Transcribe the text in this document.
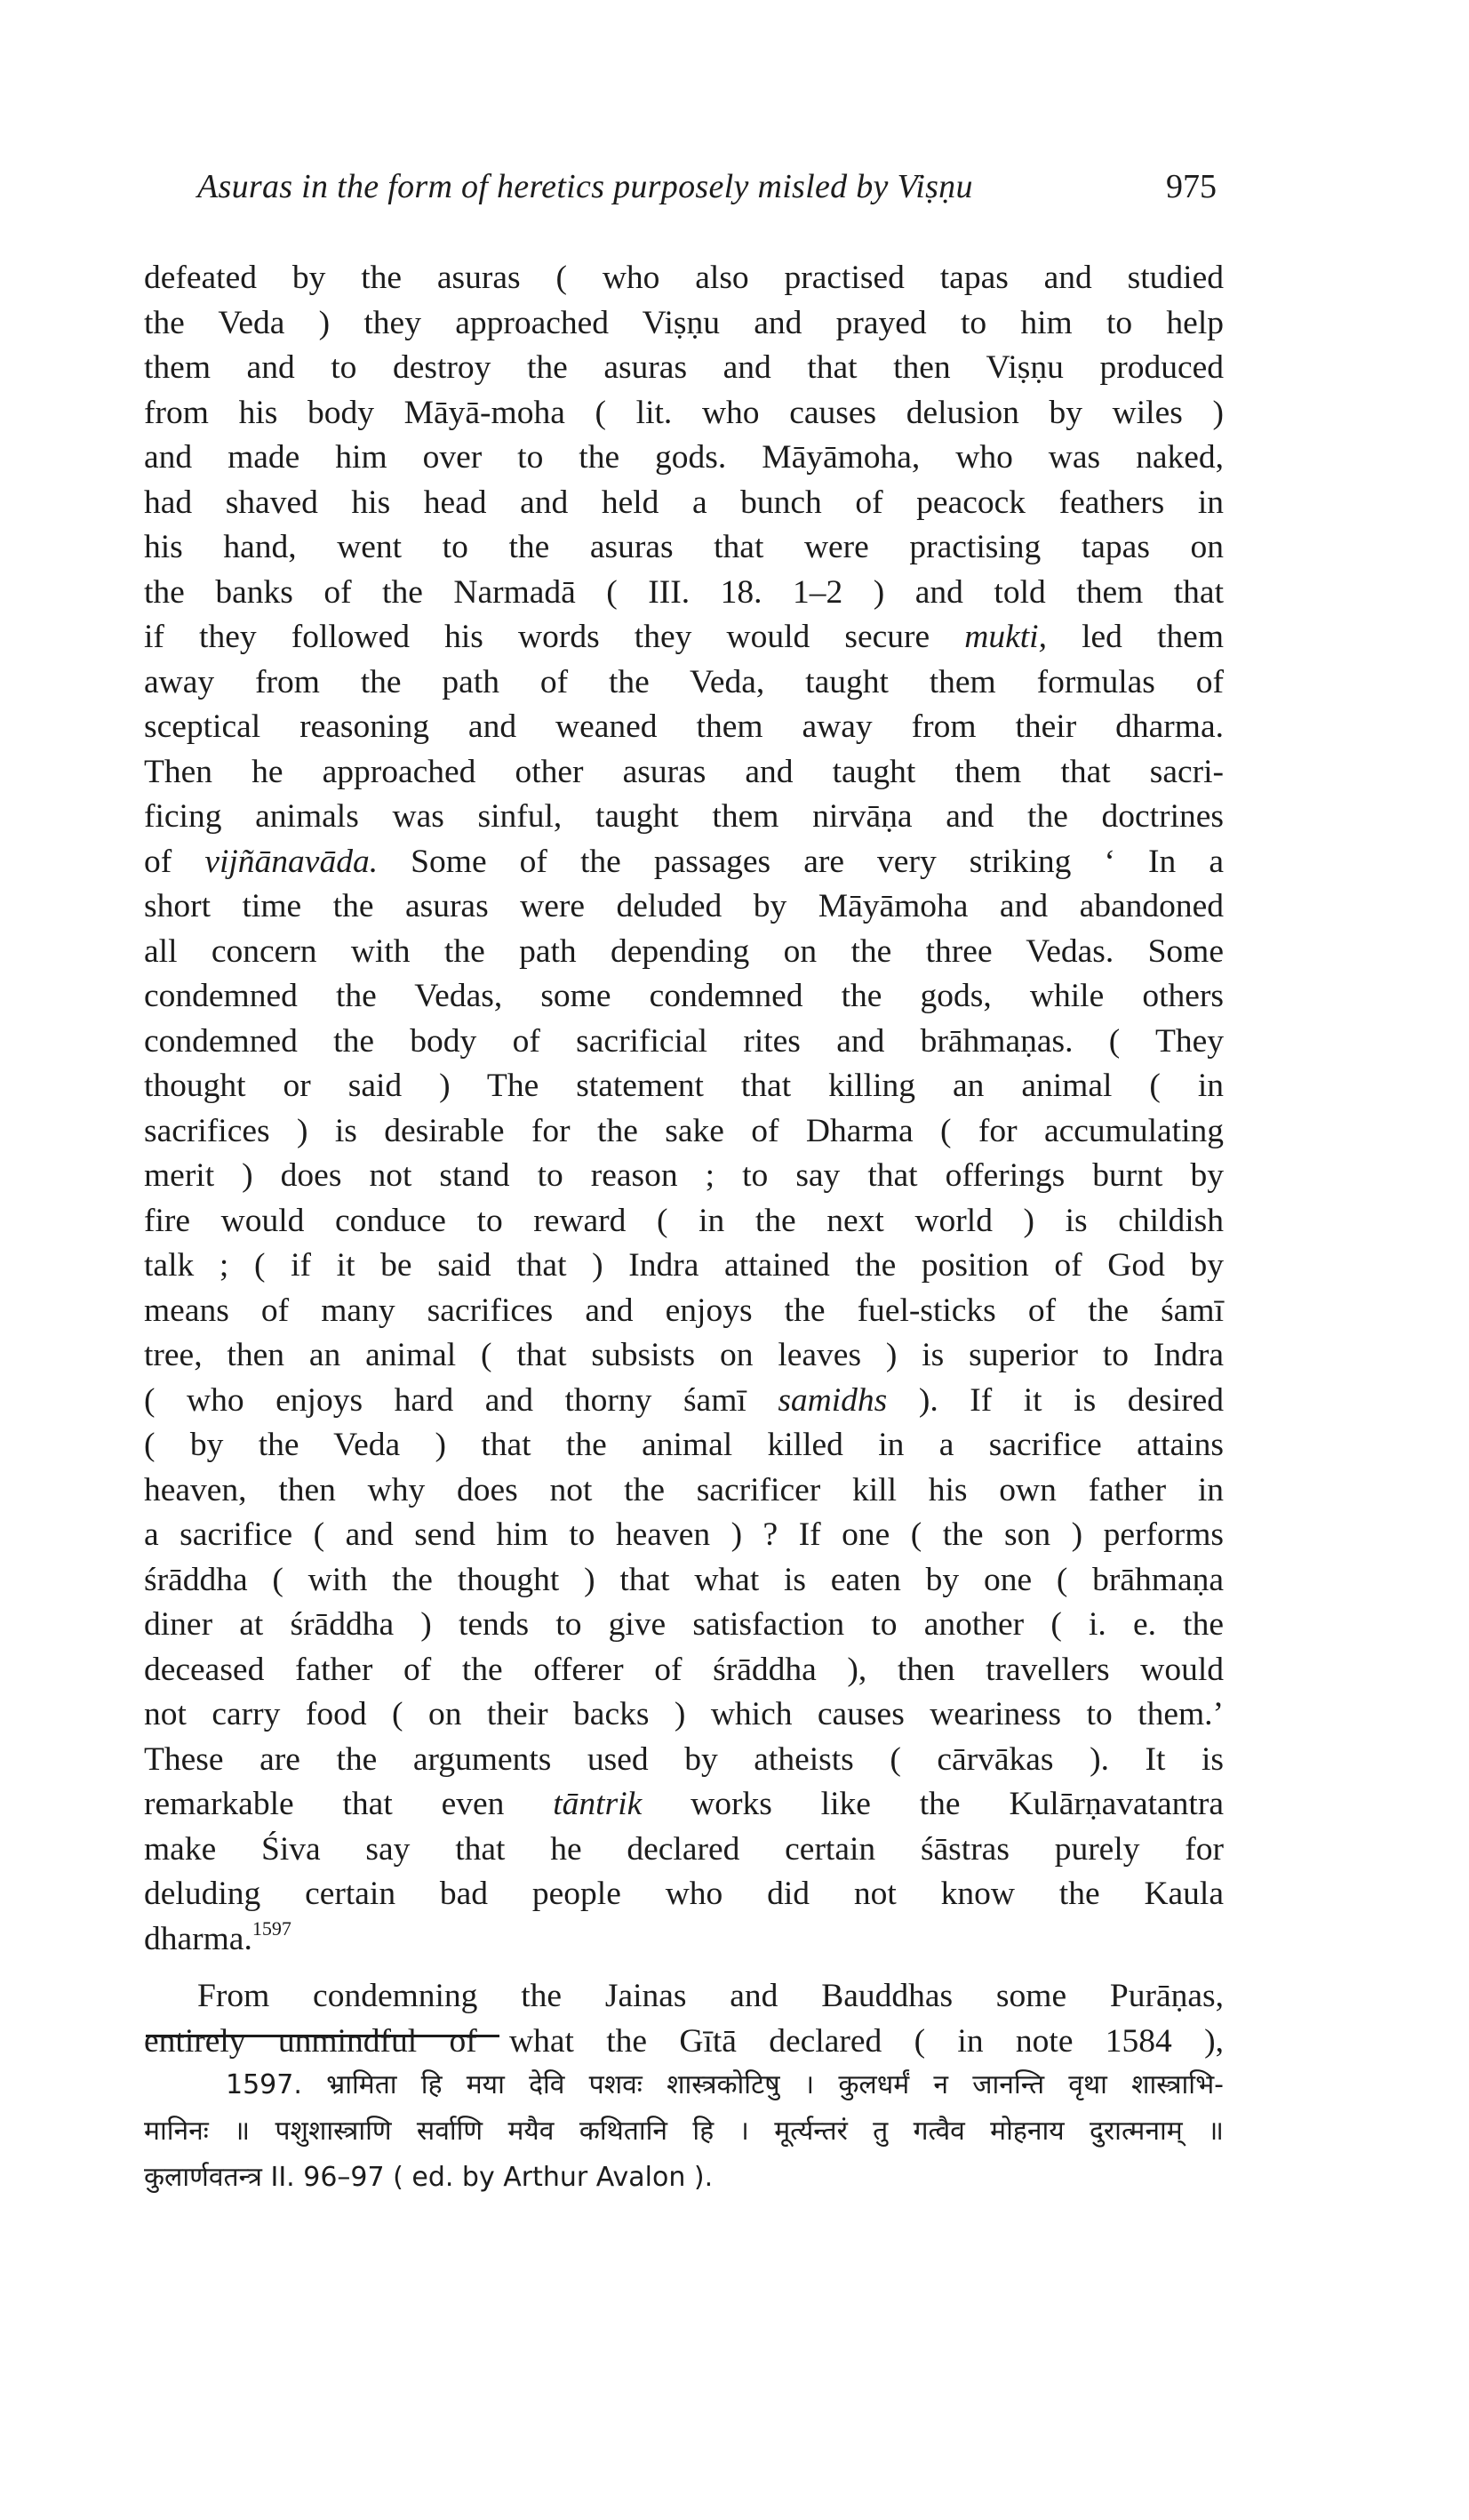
Asuras in the form of heretics purposely misled by Viṣṇu	975

defeated by the asuras ( who also practised tapas and studied
the Veda ) they approached Viṣṇu and prayed to him to help
them and to destroy the asuras and that then Viṣṇu produced
from his body Māyā-moha ( lit. who causes delusion by wiles )
and made him over to the gods. Māyāmoha, who was naked,
had shaved his head and held a bunch of peacock feathers in
his hand, went to the asuras that were practising tapas on
the banks of the Narmadā ( III. 18. 1–2 ) and told them that
if they followed his words they would secure mukti, led them
away from the path of the Veda, taught them formulas of
sceptical reasoning and weaned them away from their dharma.
Then he approached other asuras and taught them that sacri-
ficing animals was sinful, taught them nirvāṇa and the doctrines
of vijñānavāda. Some of the passages are very striking ‘ In a
short time the asuras were deluded by Māyāmoha and abandoned
all concern with the path depending on the three Vedas. Some
condemned the Vedas, some condemned the gods, while others
condemned the body of sacrificial rites and brāhmaṇas. ( They
thought or said ) The statement that killing an animal ( in
sacrifices ) is desirable for the sake of Dharma ( for accumulating
merit ) does not stand to reason ; to say that offerings burnt by
fire would conduce to reward ( in the next world ) is childish
talk ; ( if it be said that ) Indra attained the position of God by
means of many sacrifices and enjoys the fuel-sticks of the śamī
tree, then an animal ( that subsists on leaves ) is superior to Indra
( who enjoys hard and thorny śamī samidhs ). If it is desired
( by the Veda ) that the animal killed in a sacrifice attains
heaven, then why does not the sacrificer kill his own father in
a sacrifice ( and send him to heaven ) ? If one ( the son ) performs
śrāddha ( with the thought ) that what is eaten by one ( brāhmaṇa
diner at śrāddha ) tends to give satisfaction to another ( i. e. the
deceased father of the offerer of śrāddha ), then travellers would
not carry food ( on their backs ) which causes weariness to them.’
These are the arguments used by atheists ( cārvākas ). It is
remarkable that even tāntrik works like the Kulārṇavatantra
make Śiva say that he declared certain śāstras purely for
deluding certain bad people who did not know the Kaula
dharma.$^{1597}$

From condemning the Jainas and Bauddhas some Purāṇas,
entirely unmindful of what the Gītā declared ( in note 1584 ),

1597. भ्रामिता हि मया देवि पशवः शास्त्रकोटिषु । कुलधर्मं न जानन्ति वृथा शास्त्राभि-
मानिनः ॥ पशुशास्त्राणि सर्वाणि मयैव कथितानि हि । मूर्त्यन्तरं तु गत्वैव मोहनाय दुरात्मनाम् ॥
कुलार्णवतन्त्र II. 96–97 ( ed. by Arthur Avalon ).
